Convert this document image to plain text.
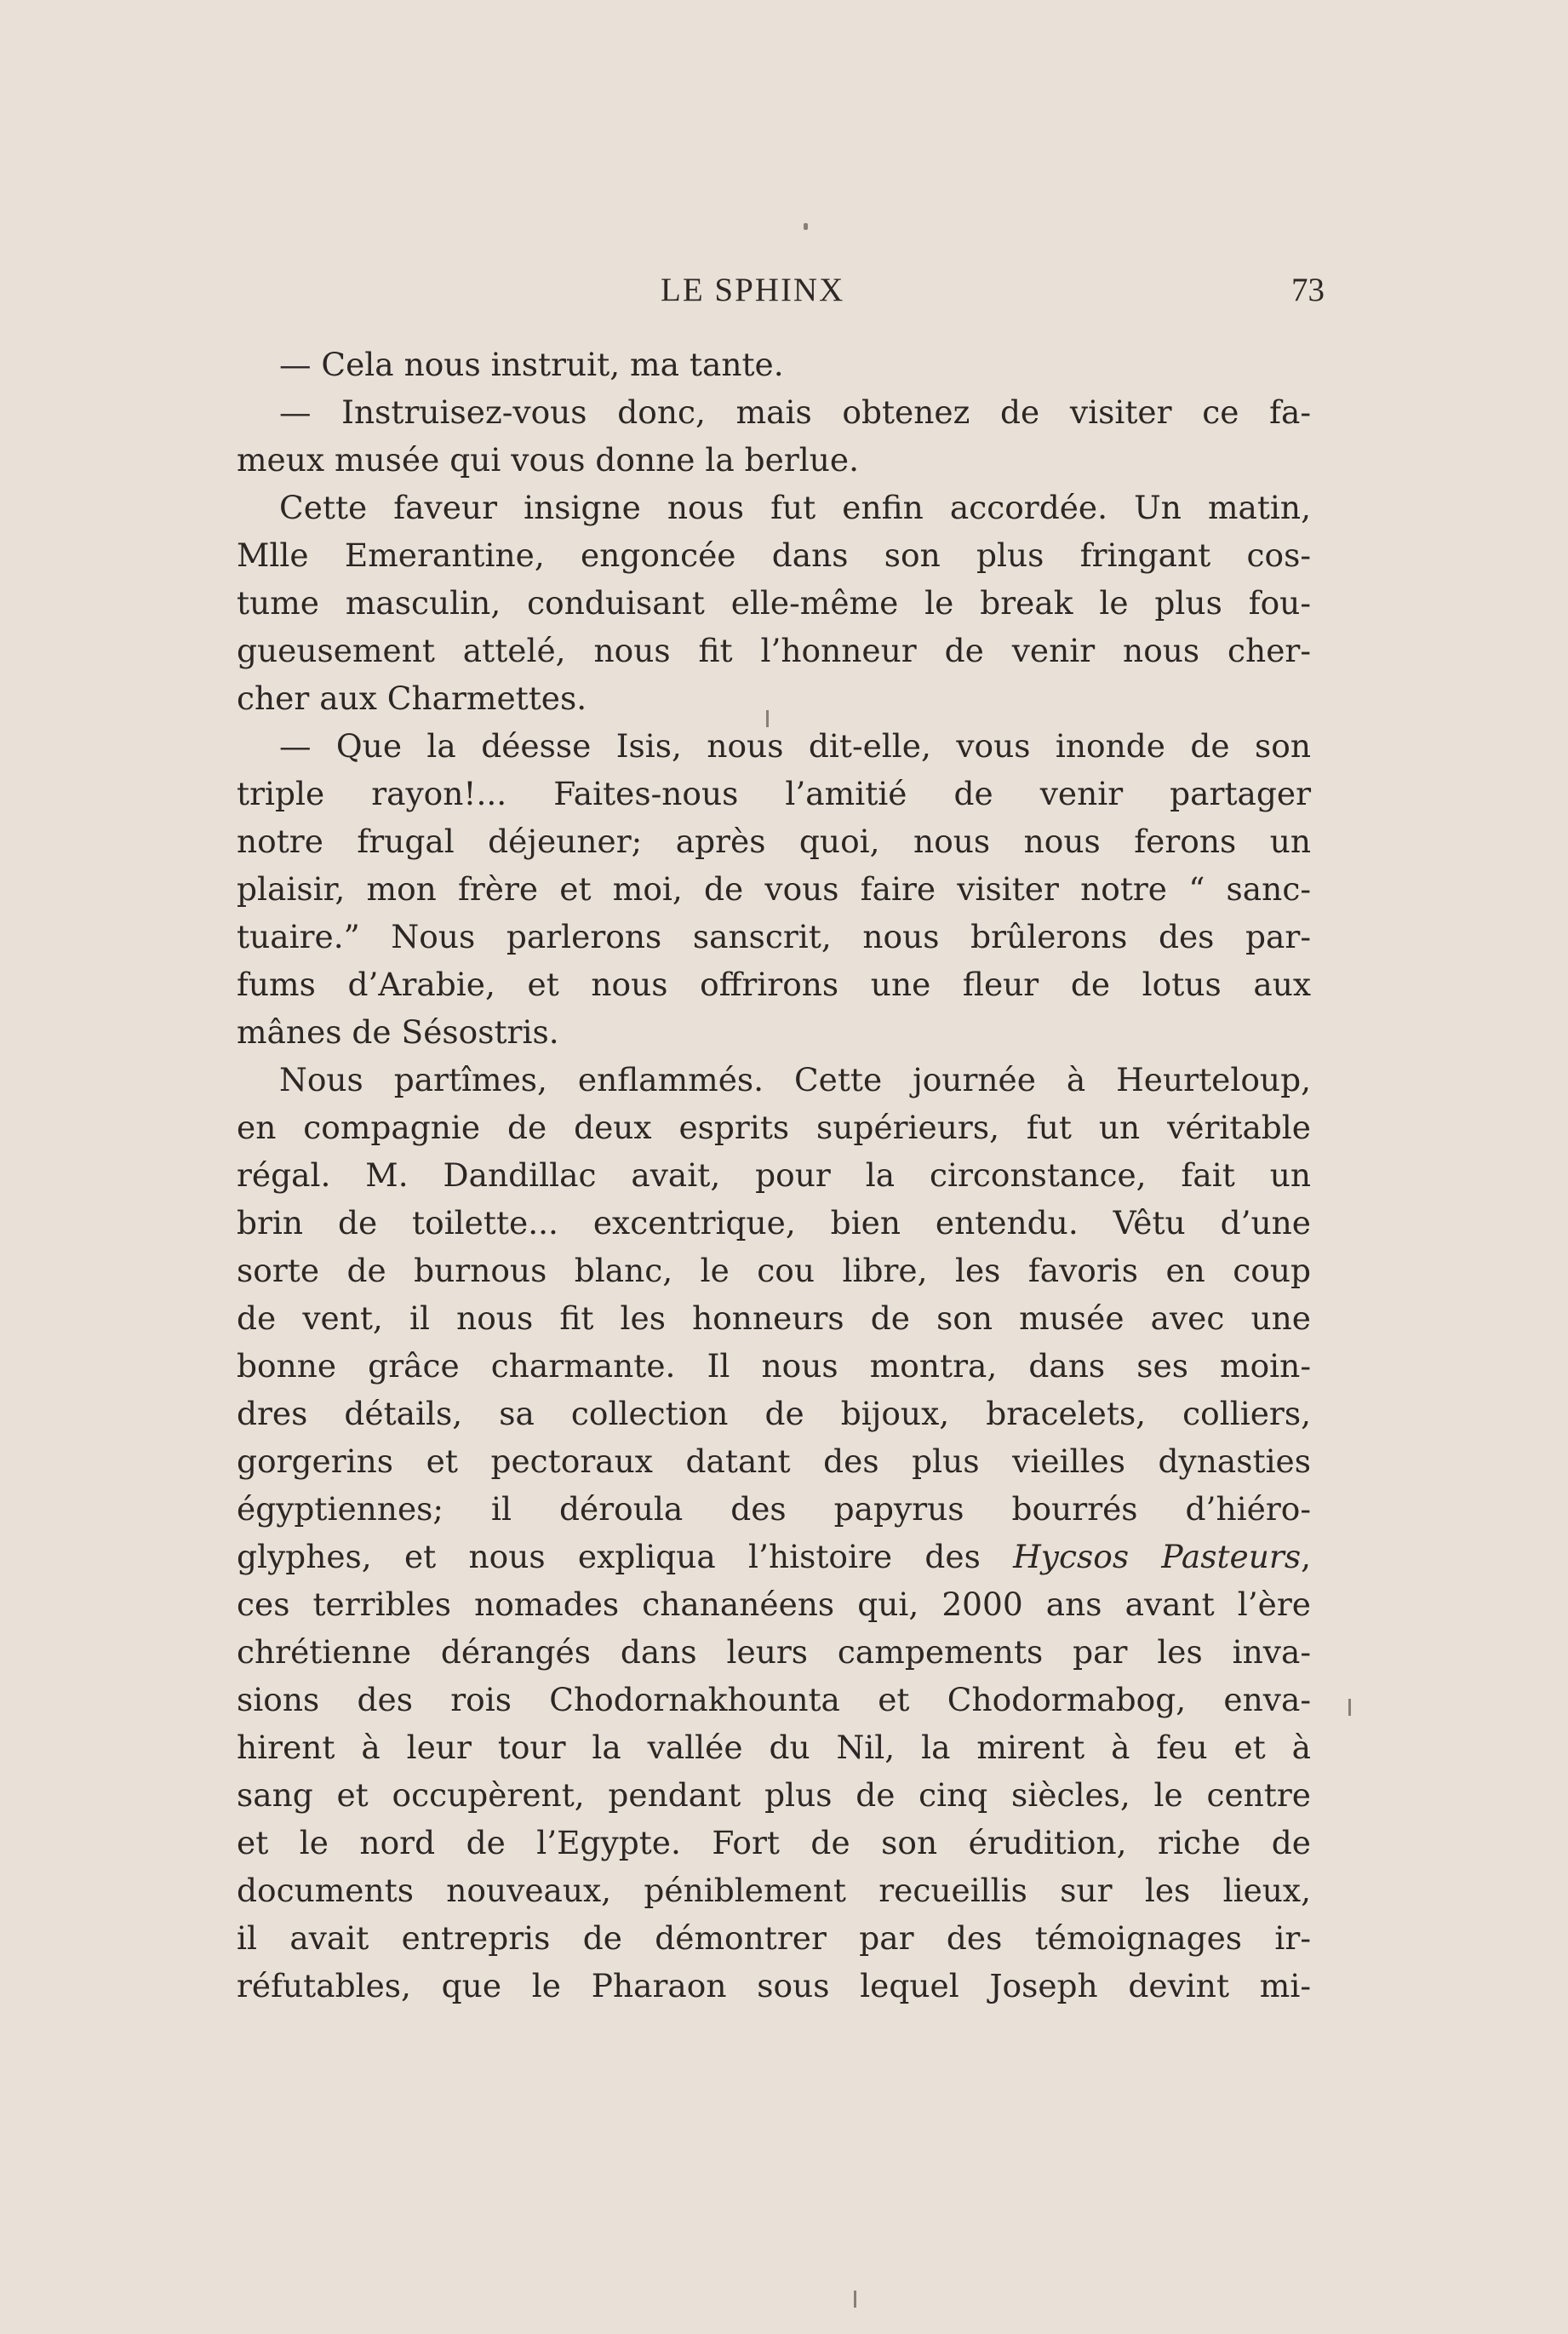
LE SPHINX	73
— Cela nous instruit, ma tante.
— Instruisez-vous donc, mais obtenez de visiter ce fa-
meux musée qui vous donne la berlue.
Cette faveur insigne nous fut enfin accordée. Un matin,
Mlle Emerantine, engoncée dans son plus fringant cos-
tume masculin, conduisant elle-même le break le plus fou-
gueusement attelé, nous fit l’honneur de venir nous cher-
cher aux Charmettes.
— Que la déesse Isis, nous dit-elle, vous inonde de son
triple rayon!... Faites-nous l’amitié de venir partager
notre frugal déjeuner; après quoi, nous nous ferons un
plaisir, mon frère et moi, de vous faire visiter notre “ sanc-
tuaire.” Nous parlerons sanscrit, nous brûlerons des par-
fums d’Arabie, et nous offrirons une fleur de lotus aux
mânes de Sésostris.
Nous partîmes, enflammés. Cette journée à Heurteloup,
en compagnie de deux esprits supérieurs, fut un véritable
régal. M. Dandillac avait, pour la circonstance, fait un
brin de toilette... excentrique, bien entendu. Vêtu d’une
sorte de burnous blanc, le cou libre, les favoris en coup
de vent, il nous fit les honneurs de son musée avec une
bonne grâce charmante. Il nous montra, dans ses moin-
dres détails, sa collection de bijoux, bracelets, colliers,
gorgerins et pectoraux datant des plus vieilles dynasties
égyptiennes; il déroula des papyrus bourrés d’hiéro-
glyphes, et nous expliqua l’histoire des Hycsos Pasteurs,
ces terribles nomades chananéens qui, 2000 ans avant l’ère
chrétienne dérangés dans leurs campements par les inva-
sions des rois Chodornakhounta et Chodormabog, enva-
hirent à leur tour la vallée du Nil, la mirent à feu et à
sang et occupèrent, pendant plus de cinq siècles, le centre
et le nord de l’Egypte. Fort de son érudition, riche de
documents nouveaux, péniblement recueillis sur les lieux,
il avait entrepris de démontrer par des témoignages ir-
réfutables, que le Pharaon sous lequel Joseph devint mi-
